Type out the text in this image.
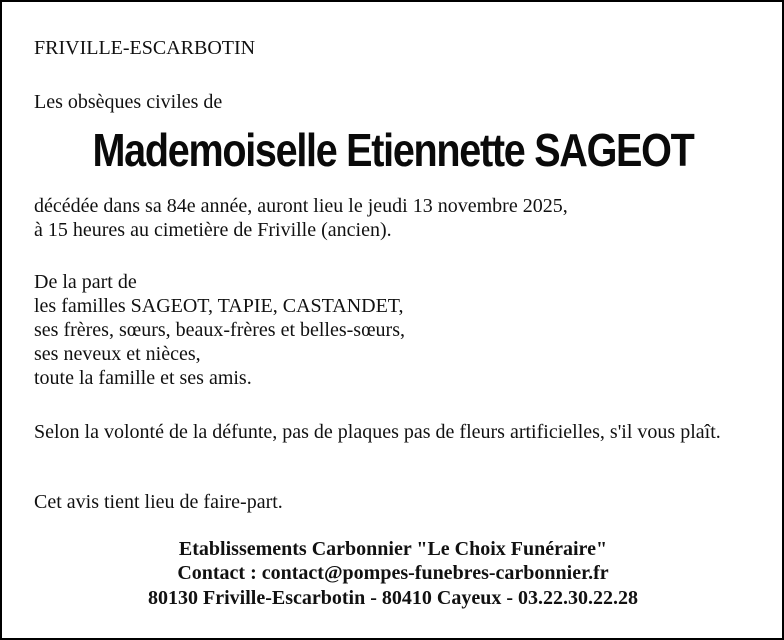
FRIVILLE-ESCARBOTIN
Les obsèques civiles de
Mademoiselle Etiennette SAGEOT
décédée dans sa 84e année, auront lieu le jeudi 13 novembre 2025,
à 15 heures au cimetière de Friville (ancien).
De la part de
les familles SAGEOT, TAPIE, CASTANDET,
ses frères, sœurs, beaux-frères et belles-sœurs,
ses neveux et nièces,
toute la famille et ses amis.
Selon la volonté de la défunte, pas de plaques pas de fleurs artificielles, s'il vous plaît.
Cet avis tient lieu de faire-part.
Etablissements Carbonnier "Le Choix Funéraire"
Contact : contact@pompes-funebres-carbonnier.fr
80130 Friville-Escarbotin - 80410 Cayeux - 03.22.30.22.28
